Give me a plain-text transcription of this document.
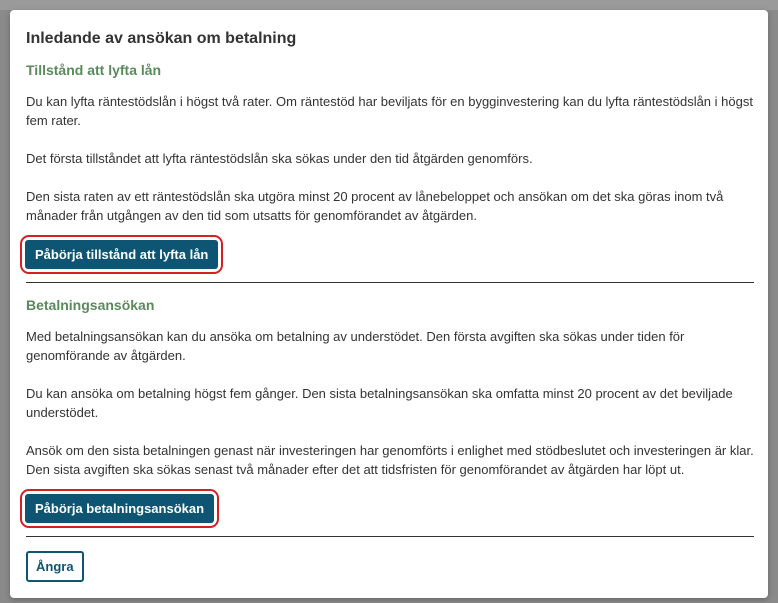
Inledande av ansökan om betalning
Tillstånd att lyfta lån

Du kan lyfta räntestödslån i högst två rater. Om räntestöd har beviljats för en bygginvestering kan du lyfta räntestödslån i högst fem rater.

Det första tillståndet att lyfta räntestödslån ska sökas under den tid åtgärden genomförs.

Den sista raten av ett räntestödslån ska utgöra minst 20 procent av lånebeloppet och ansökan om det ska göras inom två månader från utgången av den tid som utsatts för genomförandet av åtgärden.

Påbörja tillstånd att lyfta lån
Betalningsansökan

Med betalningsansökan kan du ansöka om betalning av understödet. Den första avgiften ska sökas under tiden för genomförande av åtgärden.

Du kan ansöka om betalning högst fem gånger. Den sista betalningsansökan ska omfatta minst 20 procent av det beviljade understödet.

Ansök om den sista betalningen genast när investeringen har genomförts i enlighet med stödbeslutet och investeringen är klar. Den sista avgiften ska sökas senast två månader efter det att tidsfristen för genomförandet av åtgärden har löpt ut.

Påbörja betalningsansökan
Ångra
